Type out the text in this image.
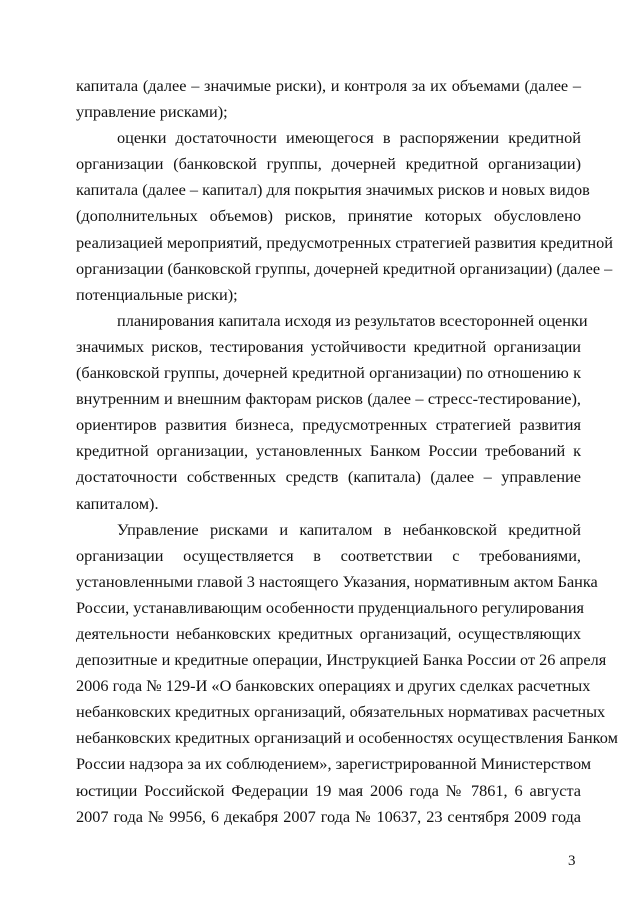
капитала (далее – значимые риски), и контроля за их объемами (далее –
управление рисками);
оценки достаточности имеющегося в распоряжении кредитной
организации (банковской группы, дочерней кредитной организации)
капитала (далее – капитал) для покрытия значимых рисков и новых видов
(дополнительных объемов) рисков, принятие которых обусловлено
реализацией мероприятий, предусмотренных стратегией развития кредитной
организации (банковской группы, дочерней кредитной организации) (далее –
потенциальные риски);
планирования капитала исходя из результатов всесторонней оценки
значимых рисков, тестирования устойчивости кредитной организации
(банковской группы, дочерней кредитной организации) по отношению к
внутренним и внешним факторам рисков (далее – стресс-тестирование),
ориентиров развития бизнеса, предусмотренных стратегией развития
кредитной организации, установленных Банком России требований к
достаточности собственных средств (капитала) (далее – управление
капиталом).
Управление рисками и капиталом в небанковской кредитной
организации осуществляется в соответствии с требованиями,
установленными главой 3 настоящего Указания, нормативным актом Банка
России, устанавливающим особенности пруденциального регулирования
деятельности небанковских кредитных организаций, осуществляющих
депозитные и кредитные операции, Инструкцией Банка России от 26 апреля
2006 года № 129-И «О банковских операциях и других сделках расчетных
небанковских кредитных организаций, обязательных нормативах расчетных
небанковских кредитных организаций и особенностях осуществления Банком
России надзора за их соблюдением», зарегистрированной Министерством
юстиции Российской Федерации 19 мая 2006 года № 7861, 6 августа
2007 года № 9956, 6 декабря 2007 года № 10637, 23 сентября 2009 года
3
